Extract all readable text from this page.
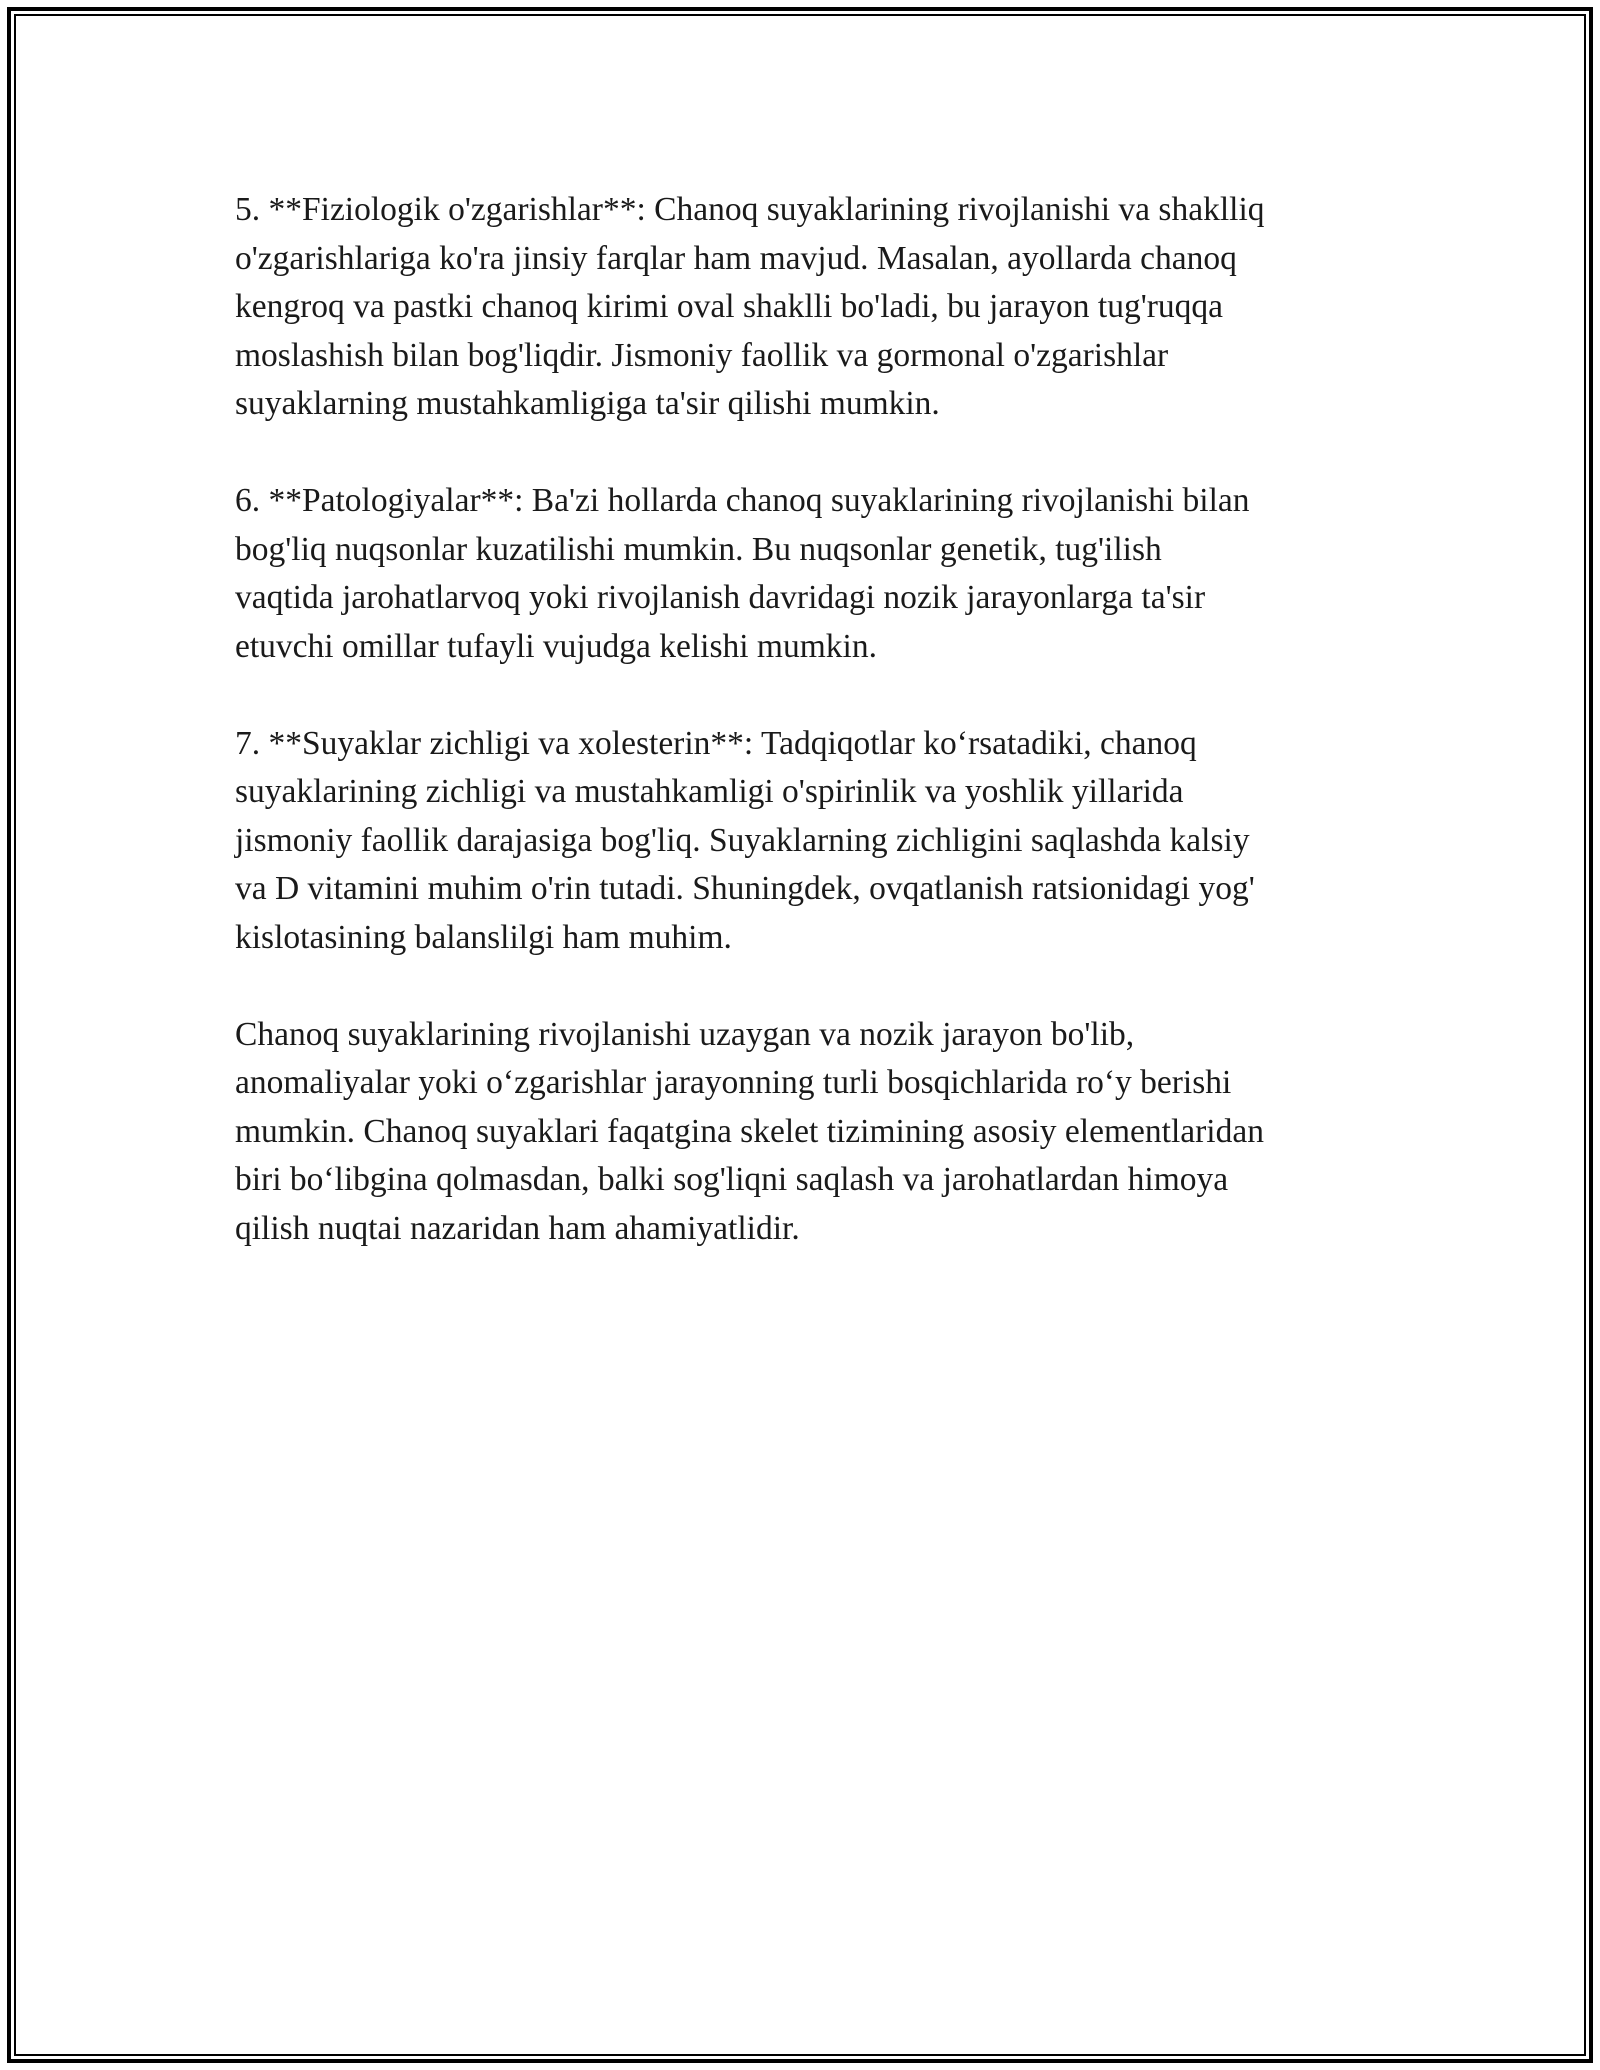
5. **Fiziologik o'zgarishlar**: Chanoq suyaklarining rivojlanishi va shaklliq
o'zgarishlariga ko'ra jinsiy farqlar ham mavjud. Masalan, ayollarda chanoq
kengroq va pastki chanoq kirimi oval shaklli bo'ladi, bu jarayon tug'ruqqa
moslashish bilan bog'liqdir. Jismoniy faollik va gormonal o'zgarishlar
suyaklarning mustahkamligiga ta'sir qilishi mumkin.

6. **Patologiyalar**: Ba'zi hollarda chanoq suyaklarining rivojlanishi bilan
bog'liq nuqsonlar kuzatilishi mumkin. Bu nuqsonlar genetik, tug'ilish
vaqtida jarohatlarvoq yoki rivojlanish davridagi nozik jarayonlarga ta'sir
etuvchi omillar tufayli vujudga kelishi mumkin.

7. **Suyaklar zichligi va xolesterin**: Tadqiqotlar koʻrsatadiki, chanoq
suyaklarining zichligi va mustahkamligi o'spirinlik va yoshlik yillarida
jismoniy faollik darajasiga bog'liq. Suyaklarning zichligini saqlashda kalsiy
va D vitamini muhim o'rin tutadi. Shuningdek, ovqatlanish ratsionidagi yog'
kislotasining balanslilgi ham muhim.

Chanoq suyaklarining rivojlanishi uzaygan va nozik jarayon bo'lib,
anomaliyalar yoki oʻzgarishlar jarayonning turli bosqichlarida roʻy berishi
mumkin. Chanoq suyaklari faqatgina skelet tizimining asosiy elementlaridan
biri boʻlibgina qolmasdan, balki sog'liqni saqlash va jarohatlardan himoya
qilish nuqtai nazaridan ham ahamiyatlidir.
